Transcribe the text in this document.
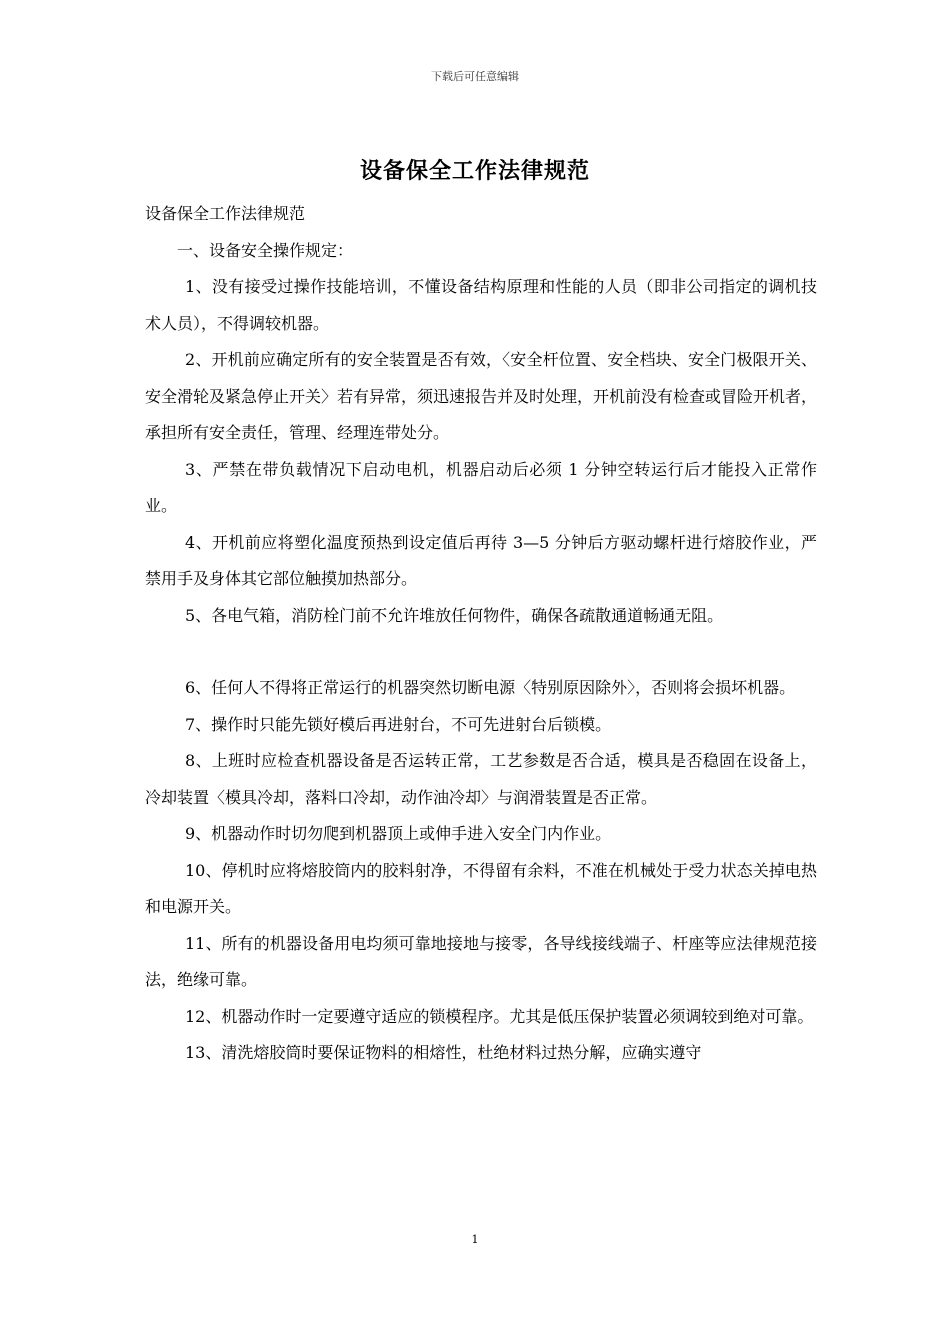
下载后可任意编辑
设备保全工作法律规范

设备保全工作法律规范

一、设备安全操作规定：

1、没有接受过操作技能培训，不懂设备结构原理和性能的人员（即非公司指定的调机技术人员），不得调较机器。

2、开机前应确定所有的安全装置是否有效，〈安全杆位置、安全档块、安全门极限开关、安全滑轮及紧急停止开关〉若有异常，须迅速报告并及时处理，开机前没有检查或冒险开机者，承担所有安全责任，管理、经理连带处分。

3、严禁在带负载情况下启动电机，机器启动后必须 1 分钟空转运行后才能投入正常作业。

4、开机前应将塑化温度预热到设定值后再待 3—5 分钟后方驱动螺杆进行熔胶作业，严禁用手及身体其它部位触摸加热部分。

5、各电气箱，消防栓门前不允许堆放任何物件，确保各疏散通道畅通无阻。

6、任何人不得将正常运行的机器突然切断电源〈特别原因除外〉，否则将会损坏机器。

7、操作时只能先锁好模后再进射台，不可先进射台后锁模。

8、上班时应检查机器设备是否运转正常，工艺参数是否合适，模具是否稳固在设备上，冷却装置〈模具冷却，落料口冷却，动作油冷却〉与润滑装置是否正常。

9、机器动作时切勿爬到机器顶上或伸手进入安全门内作业。

10、停机时应将熔胶筒内的胶料射净，不得留有余料，不准在机械处于受力状态关掉电热和电源开关。

11、所有的机器设备用电均须可靠地接地与接零，各导线接线端子、杆座等应法律规范接法，绝缘可靠。

12、机器动作时一定要遵守适应的锁模程序。尤其是低压保护装置必须调较到绝对可靠。

13、清洗熔胶筒时要保证物料的相熔性，杜绝材料过热分解，应确实遵守

1
